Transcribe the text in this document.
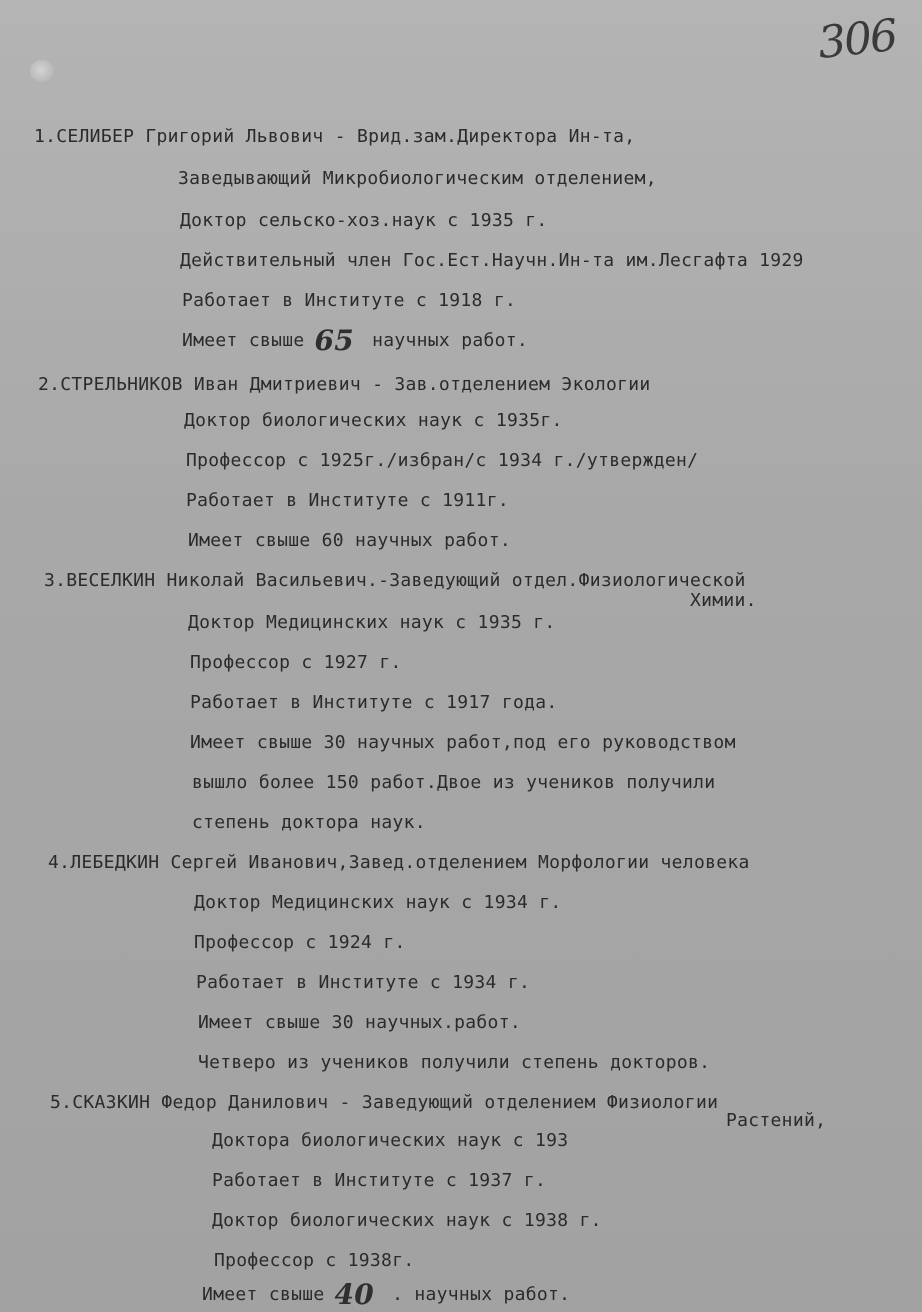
306
1.СЕЛИБЕР Григорий Львович - Врид.зам.Директора Ин-та,
Заведывающий Микробиологическим отделением,
Доктор сельско-хоз.наук с 1935 г.
Действительный член Гос.Ест.Научн.Ин-та им.Лесгафта 1929
Работает в Институте с 1918 г.
Имеет свыше 65 научных работ.
2.СТРЕЛЬНИКОВ Иван Дмитриевич - Зав.отделением Экологии
Доктор биологических наук с 1935г.
Профессор с 1925г./избран/с 1934 г./утвержден/
Работает в Институте с 1911г.
Имеет свыше 60 научных работ.
3.ВЕСЕЛКИН Николай Васильевич.-Заведующий отдел.Физиологической
Химии.
Доктор Медицинских наук с 1935 г.
Профессор с 1927 г.
Работает в Институте с 1917 года.
Имеет свыше 30 научных работ,под его руководством
вышло более 150 работ.Двое из учеников получили
степень доктора наук.
4.ЛЕБЕДКИН Сергей Иванович,Завед.отделением Морфологии человека
Доктор Медицинских наук с 1934 г.
Профессор с 1924 г.
Работает в Институте с 1934 г.
Имеет свыше 30 научных.работ.
Четверо из учеников получили степень докторов.
5.СКАЗКИН Федор Данилович - Заведующий отделением Физиологии
Растений,
Доктора биологических наук с 193
Работает в Институте с 1937 г.
Доктор биологических наук с 1938 г.
Профессор с 1938г.
Имеет свыше 40 . научных работ.
